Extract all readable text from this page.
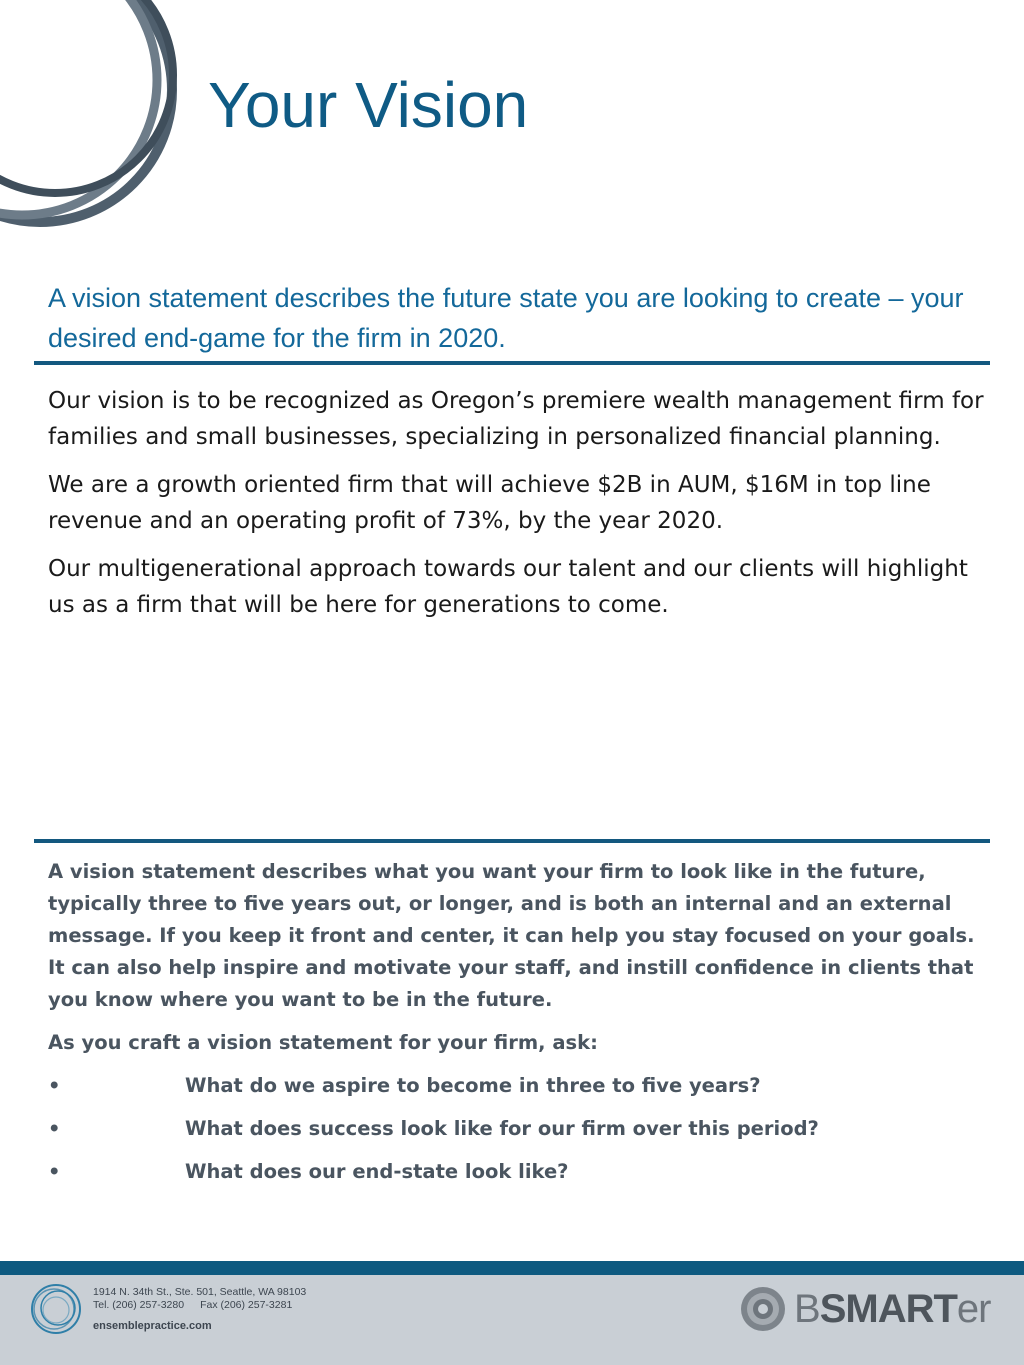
Your Vision

A vision statement describes the future state you are looking to create – your desired end-game for the firm in 2020.

Our vision is to be recognized as Oregon’s premiere wealth management firm for families and small businesses, specializing in personalized financial planning.

We are a growth oriented firm that will achieve $2B in AUM, $16M in top line revenue and an operating profit of 73%, by the year 2020.

Our multigenerational approach towards our talent and our clients will highlight us as a firm that will be here for generations to come.

A vision statement describes what you want your firm to look like in the future, typically three to five years out, or longer, and is both an internal and an external message. If you keep it front and center, it can help you stay focused on your goals. It can also help inspire and motivate your staff, and instill confidence in clients that you know where you want to be in the future.

As you craft a vision statement for your firm, ask:

•	What do we aspire to become in three to five years?
•	What does success look like for our firm over this period?
•	What does our end-state look like?
1914 N. 34th St., Ste. 501, Seattle, WA 98103
Tel. (206) 257-3280 Fax (206) 257-3281
ensemblepractice.com	BSMARTer
